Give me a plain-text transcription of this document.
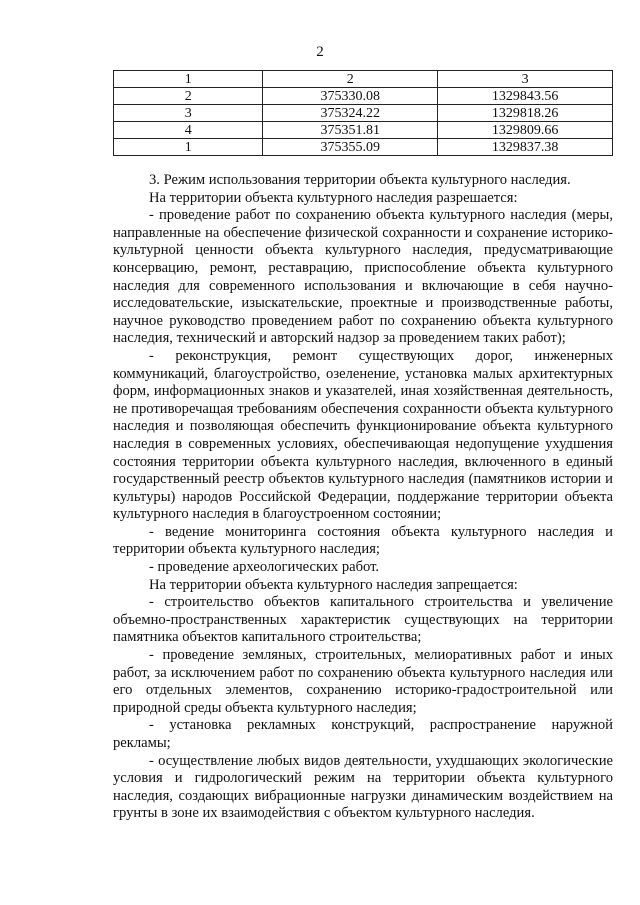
2
1	2	3
2	375330.08	1329843.56
3	375324.22	1329818.26
4	375351.81	1329809.66
1	375355.09	1329837.38

3. Режим использования территории объекта культурного наследия.

На территории объекта культурного наследия разрешается:

- проведение работ по сохранению объекта культурного наследия (меры, направленные на обеспечение физической сохранности и сохранение историко-культурной ценности объекта культурного наследия, предусматривающие консервацию, ремонт, реставрацию, приспособление объекта культурного наследия для современного использования и включающие в себя научно-исследовательские, изыскательские, проектные и производственные работы, научное руководство проведением работ по сохранению объекта культурного наследия, технический и авторский надзор за проведением таких работ);

- реконструкция, ремонт существующих дорог, инженерных коммуникаций, благоустройство, озеленение, установка малых архитектурных форм, информационных знаков и указателей, иная хозяйственная деятельность, не противоречащая требованиям обеспечения сохранности объекта культурного наследия и позволяющая обеспечить функционирование объекта культурного наследия в современных условиях, обеспечивающая недопущение ухудшения состояния территории объекта культурного наследия, включенного в единый государственный реестр объектов культурного наследия (памятников истории и культуры) народов Российской Федерации, поддержание территории объекта культурного наследия в благоустроенном состоянии;

- ведение мониторинга состояния объекта культурного наследия и территории объекта культурного наследия;

- проведение археологических работ.

На территории объекта культурного наследия запрещается:

- строительство объектов капитального строительства и увеличение объемно-пространственных характеристик существующих на территории памятника объектов капитального строительства;

- проведение земляных, строительных, мелиоративных работ и иных работ, за исключением работ по сохранению объекта культурного наследия или его отдельных элементов, сохранению историко-градостроительной или природной среды объекта культурного наследия;

- установка рекламных конструкций, распространение наружной рекламы;

- осуществление любых видов деятельности, ухудшающих экологические условия и гидрологический режим на территории объекта культурного наследия, создающих вибрационные нагрузки динамическим воздействием на грунты в зоне их взаимодействия с объектом культурного наследия.
